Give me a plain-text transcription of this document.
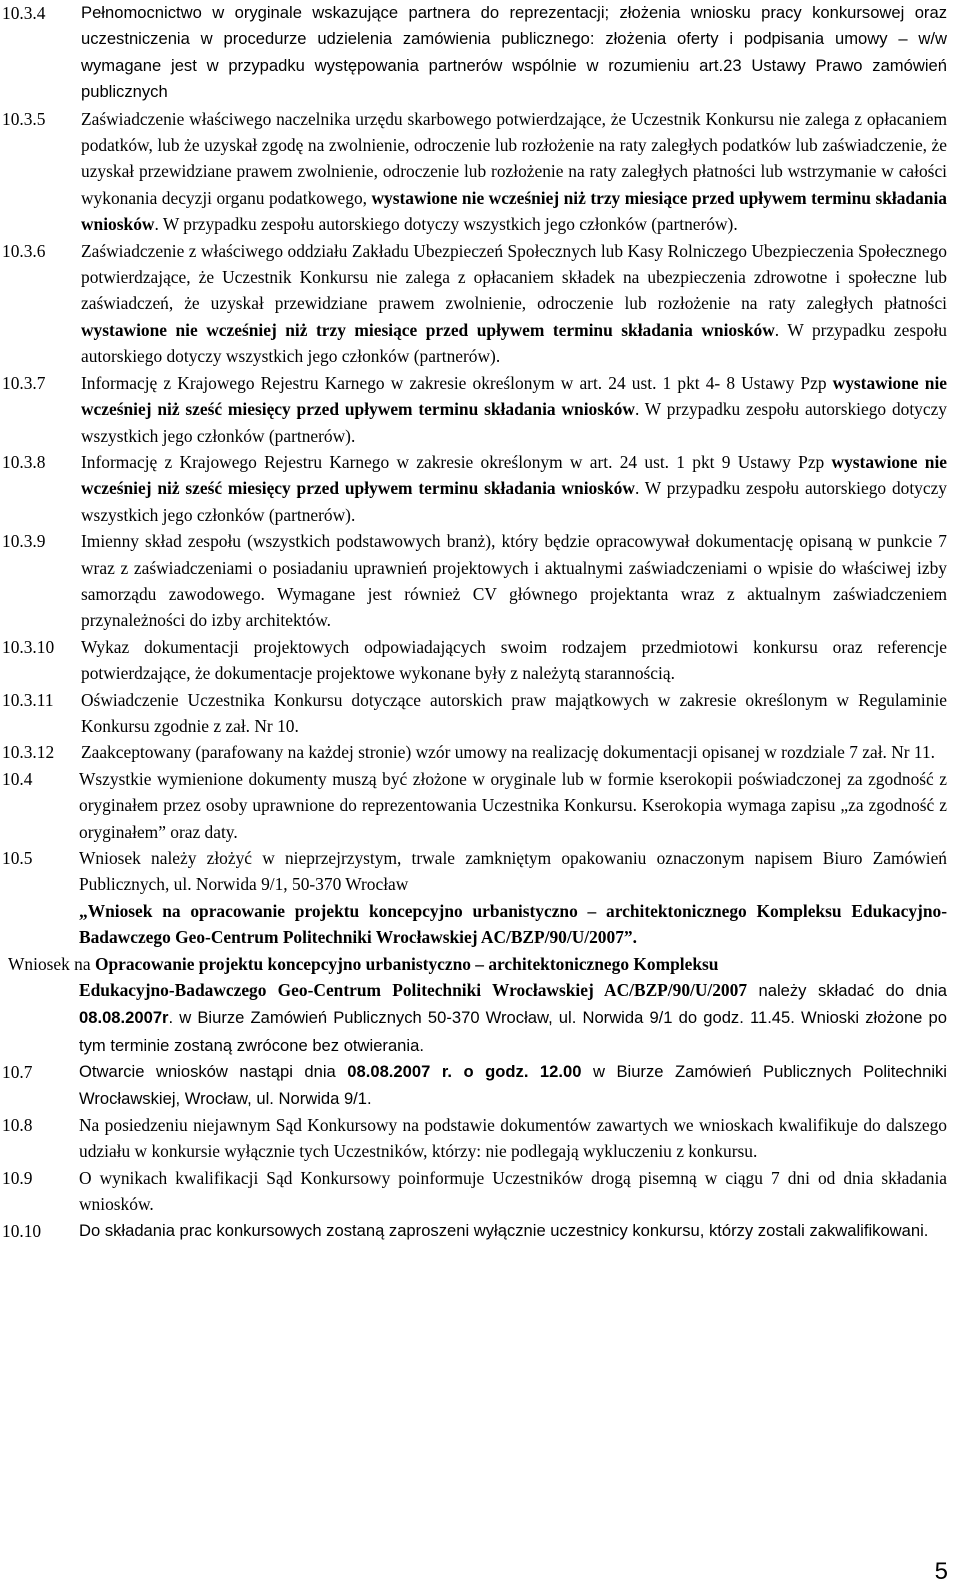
10.3.4	Pełnomocnictwo w oryginale wskazujące partnera do reprezentacji; złożenia wniosku pracy konkursowej oraz uczestniczenia w procedurze udzielenia zamówienia publicznego: złożenia oferty i podpisania umowy – w/w wymagane jest w przypadku występowania partnerów wspólnie w rozumieniu art.23 Ustawy Prawo zamówień publicznych
10.3.5	Zaświadczenie właściwego naczelnika urzędu skarbowego potwierdzające, że Uczestnik Konkursu nie zalega z opłacaniem podatków, lub że uzyskał zgodę na zwolnienie, odroczenie lub rozłożenie na raty zaległych podatków lub zaświadczenie, że uzyskał przewidziane prawem zwolnienie, odroczenie lub rozłożenie na raty zaległych płatności lub wstrzymanie w całości wykonania decyzji organu podatkowego, wystawione nie wcześniej niż trzy miesiące przed upływem terminu składania wniosków. W przypadku zespołu autorskiego dotyczy wszystkich jego członków (partnerów).
10.3.6	Zaświadczenie z właściwego oddziału Zakładu Ubezpieczeń Społecznych lub Kasy Rolniczego Ubezpieczenia Społecznego potwierdzające, że Uczestnik Konkursu nie zalega z opłacaniem składek na ubezpieczenia zdrowotne i społeczne lub zaświadczeń, że uzyskał przewidziane prawem zwolnienie, odroczenie lub rozłożenie na raty zaległych płatności wystawione nie wcześniej niż trzy miesiące przed upływem terminu składania wniosków. W przypadku zespołu autorskiego dotyczy wszystkich jego członków (partnerów).
10.3.7	Informację z Krajowego Rejestru Karnego w zakresie określonym w art. 24 ust. 1 pkt 4- 8 Ustawy Pzp wystawione nie wcześniej niż sześć miesięcy przed upływem terminu składania wniosków. W przypadku zespołu autorskiego dotyczy wszystkich jego członków (partnerów).
10.3.8	Informację z Krajowego Rejestru Karnego w zakresie określonym w art. 24 ust. 1 pkt 9 Ustawy Pzp wystawione nie wcześniej niż sześć miesięcy przed upływem terminu składania wniosków. W przypadku zespołu autorskiego dotyczy wszystkich jego członków (partnerów).
10.3.9	Imienny skład zespołu (wszystkich podstawowych branż), który będzie opracowywał dokumentację opisaną w punkcie 7 wraz z zaświadczeniami o posiadaniu uprawnień projektowych i aktualnymi zaświadczeniami o wpisie do właściwej izby samorządu zawodowego. Wymagane jest również CV głównego projektanta wraz z aktualnym zaświadczeniem przynależności do izby architektów.
10.3.10	Wykaz dokumentacji projektowych odpowiadających swoim rodzajem przedmiotowi konkursu oraz referencje potwierdzające, że dokumentacje projektowe wykonane były z należytą starannością.
10.3.11	Oświadczenie Uczestnika Konkursu dotyczące autorskich praw majątkowych w zakresie określonym w Regulaminie Konkursu zgodnie z zał. Nr 10.
10.3.12	Zaakceptowany (parafowany na każdej stronie) wzór umowy na realizację dokumentacji opisanej w rozdziale 7 zał. Nr 11.
10.4	Wszystkie wymienione dokumenty muszą być złożone w oryginale lub w formie kserokopii poświadczonej za zgodność z oryginałem przez osoby uprawnione do reprezentowania Uczestnika Konkursu. Kserokopia wymaga zapisu „za zgodność z oryginałem” oraz daty.
10.5	Wniosek należy złożyć w nieprzejrzystym, trwale zamkniętym opakowaniu oznaczonym napisem Biuro Zamówień Publicznych, ul. Norwida 9/1, 50-370 Wrocław
„Wniosek na opracowanie projektu koncepcyjno urbanistyczno – architektonicznego Kompleksu Edukacyjno-Badawczego Geo-Centrum Politechniki Wrocławskiej AC/BZP/90/U/2007”.
Wniosek na Opracowanie projektu koncepcyjno urbanistyczno – architektonicznego Kompleksu
Edukacyjno-Badawczego Geo-Centrum Politechniki Wrocławskiej AC/BZP/90/U/2007 należy składać do dnia 08.08.2007r. w Biurze Zamówień Publicznych 50-370 Wrocław, ul. Norwida 9/1 do godz. 11.45. Wnioski złożone po tym terminie zostaną zwrócone bez otwierania.
10.7	Otwarcie wniosków nastąpi dnia 08.08.2007 r. o godz. 12.00 w Biurze Zamówień Publicznych Politechniki Wrocławskiej, Wrocław, ul. Norwida 9/1.
10.8	Na posiedzeniu niejawnym Sąd Konkursowy na podstawie dokumentów zawartych we wnioskach kwalifikuje do dalszego udziału w konkursie wyłącznie tych Uczestników, którzy: nie podlegają wykluczeniu z konkursu.
10.9	O wynikach kwalifikacji Sąd Konkursowy poinformuje Uczestników drogą pisemną w ciągu 7 dni od dnia składania wniosków.
10.10	Do składania prac konkursowych zostaną zaproszeni wyłącznie uczestnicy konkursu, którzy zostali zakwalifikowani.
5
